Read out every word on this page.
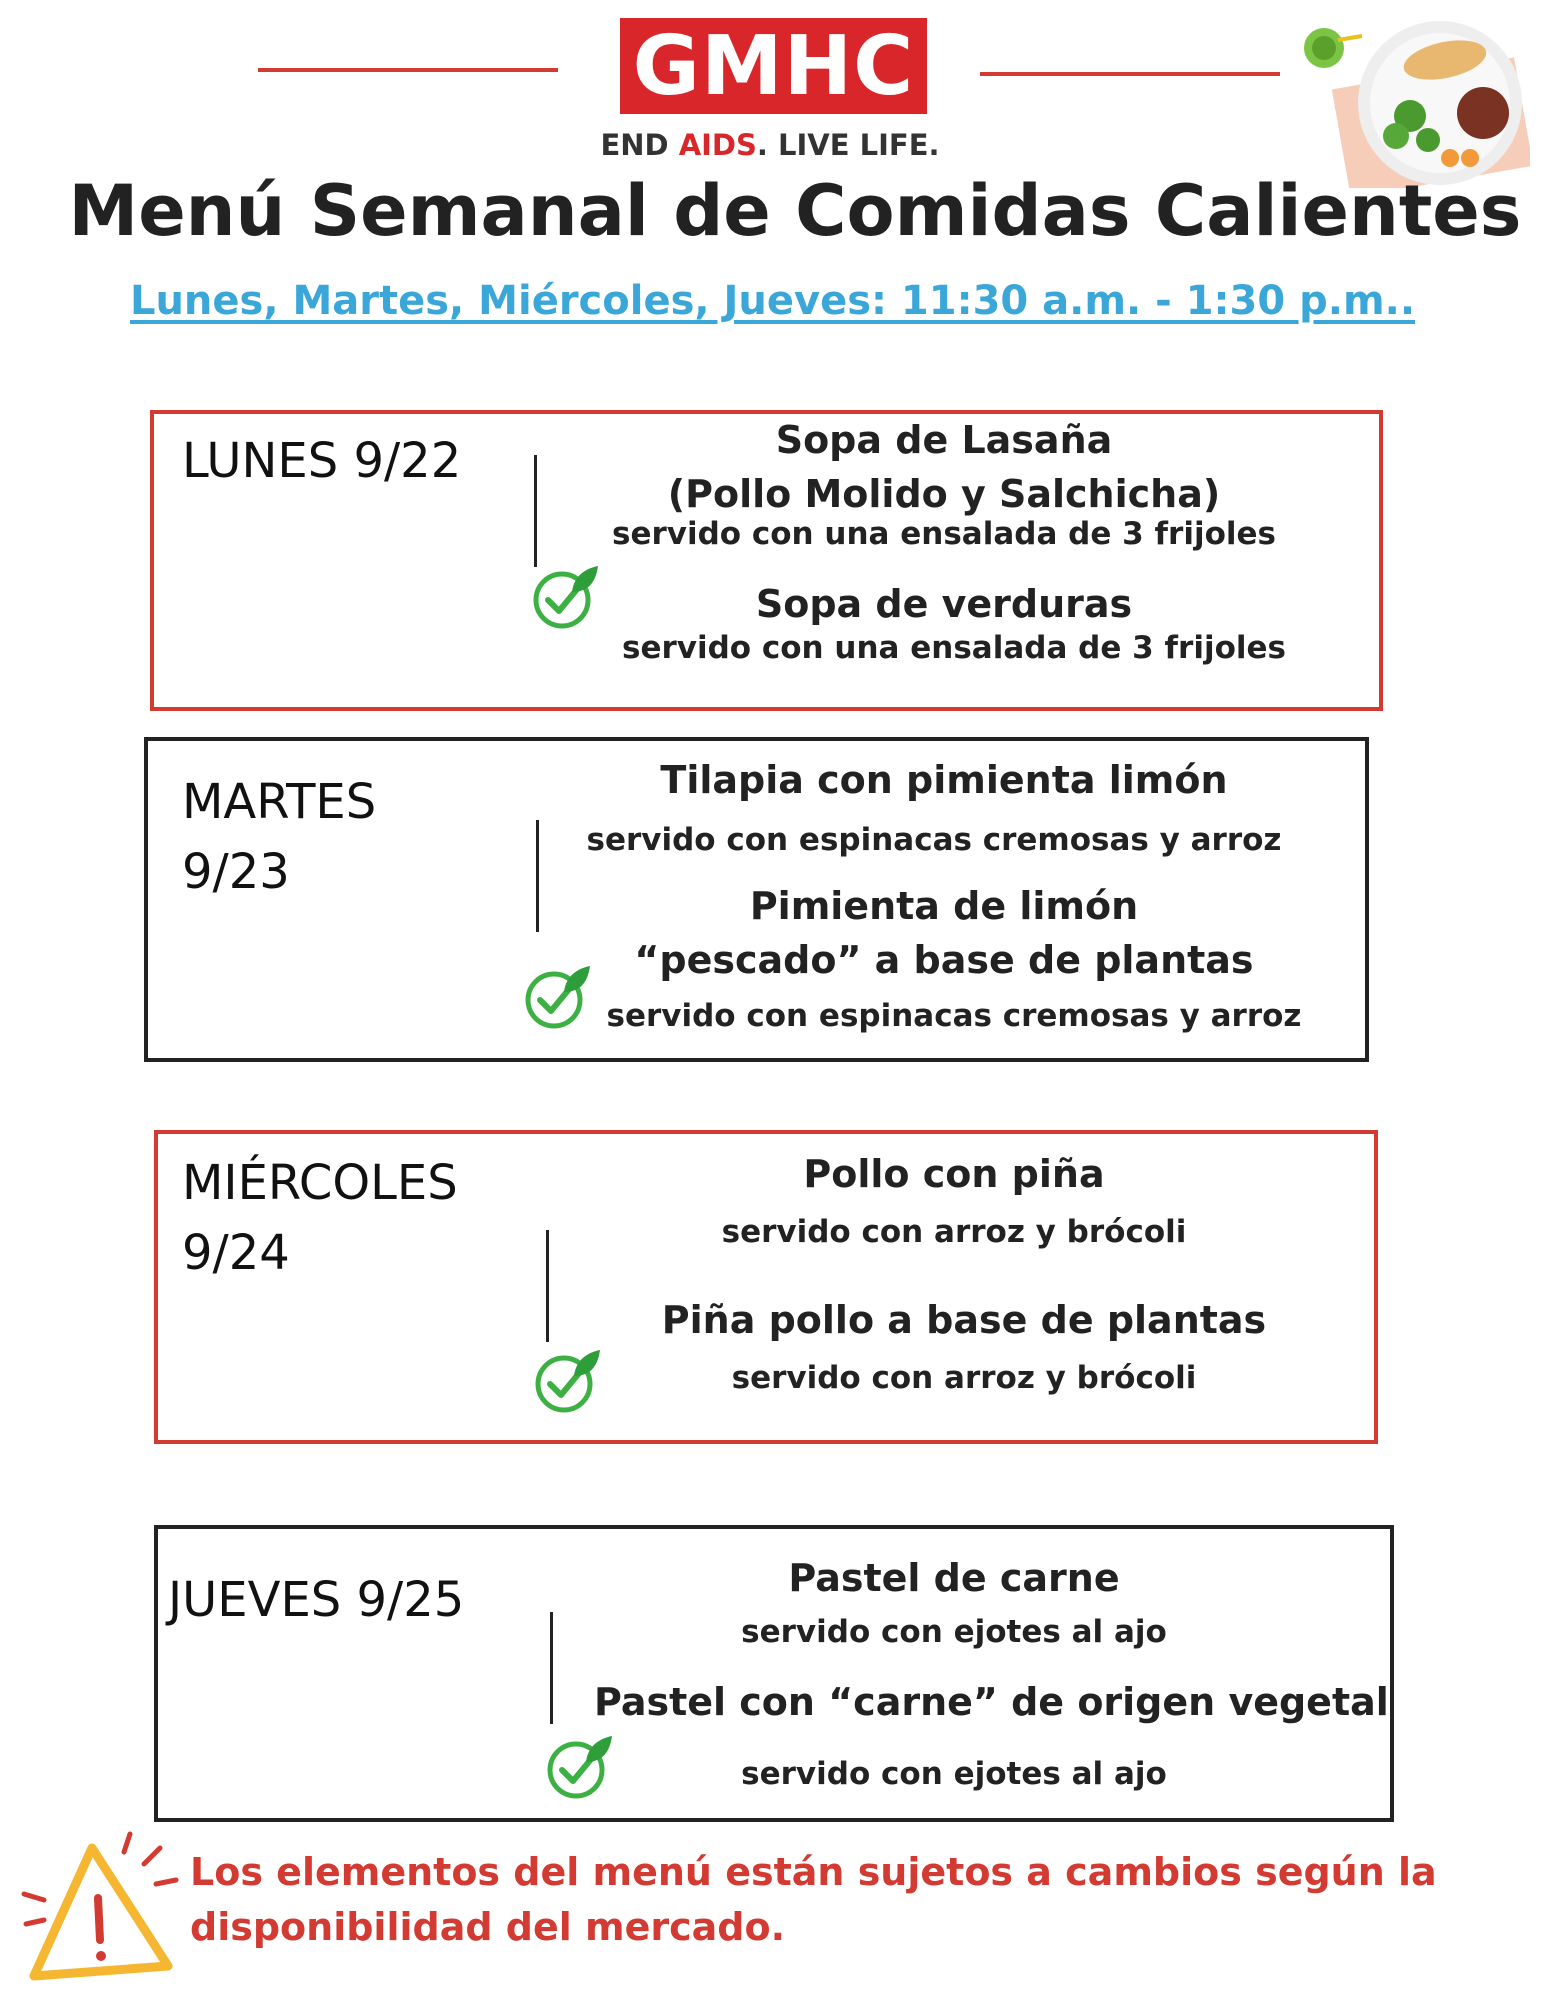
GMHC
END AIDS. LIVE LIFE.
Menú Semanal de Comidas Calientes
Lunes, Martes, Miércoles, Jueves: 11:30 a.m. - 1:30 p.m..
LUNES 9/22	Sopa de Lasaña
(Pollo Molido y Salchicha)
servido con una ensalada de 3 frijoles
Sopa de verduras
servido con una ensalada de 3 frijoles
MARTES
9/23
Tilapia con pimienta limón
servido con espinacas cremosas y arroz
Pimienta de limón
“pescado” a base de plantas
servido con espinacas cremosas y arroz
MIÉRCOLES
9/24
Pollo con piña
servido con arroz y brócoli
Piña pollo a base de plantas
servido con arroz y brócoli
JUEVES 9/25	Pastel de carne
servido con ejotes al ajo
Pastel con “carne” de origen vegetal
servido con ejotes al ajo
Los elementos del menú están sujetos a cambios según la
disponibilidad del mercado.
